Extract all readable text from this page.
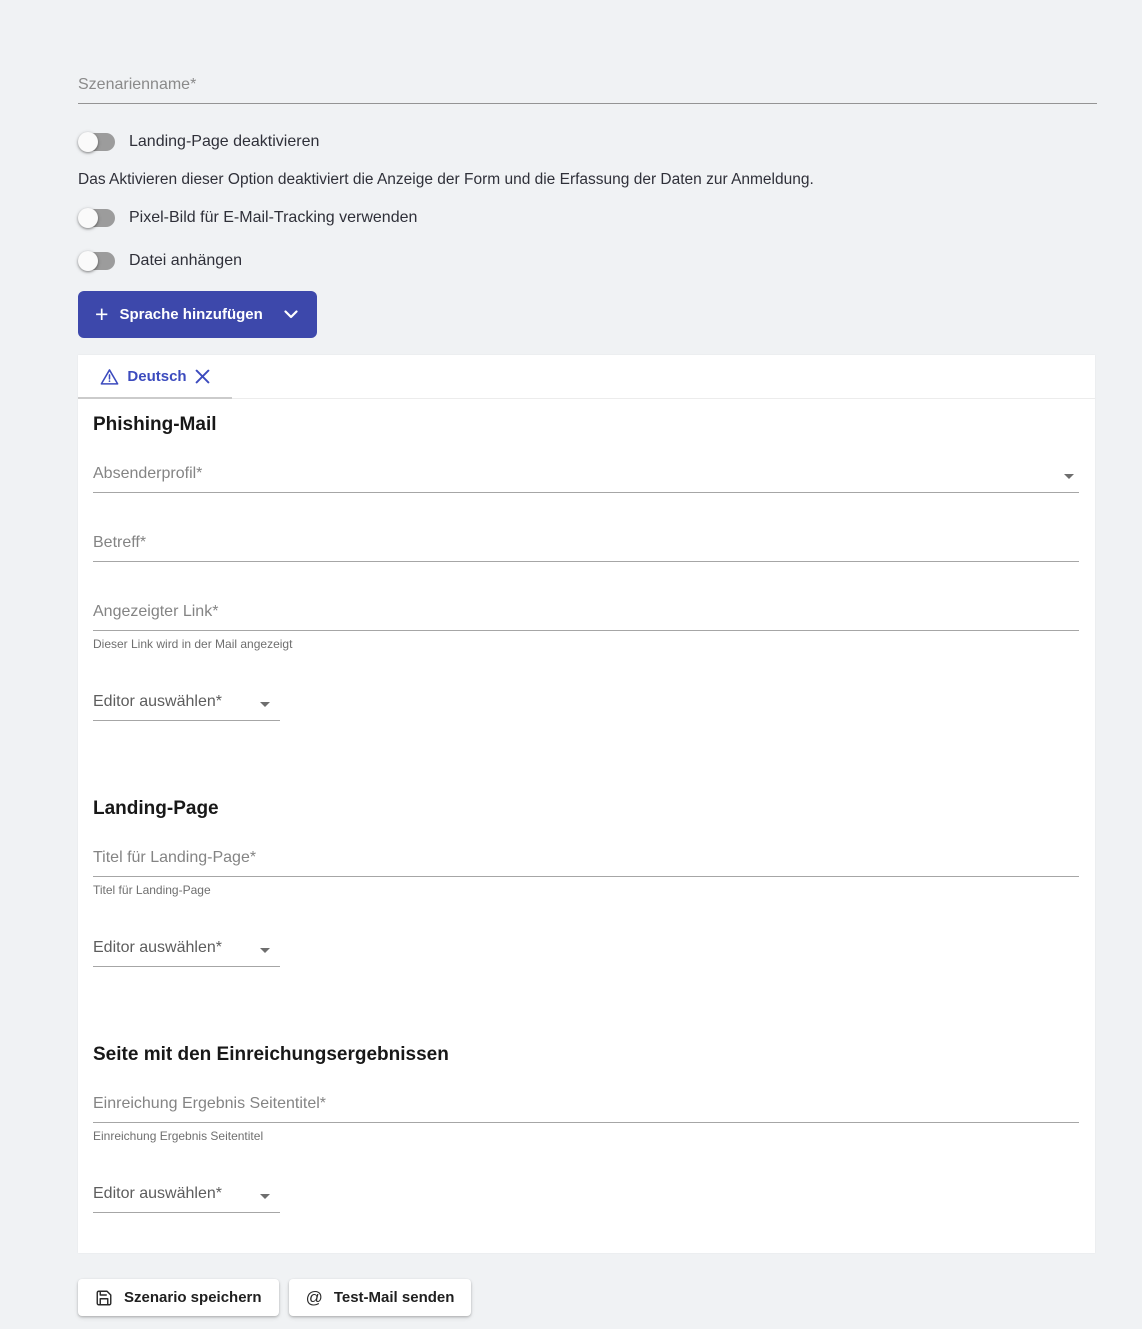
Szenarienname*
Landing-Page deaktivieren
Das Aktivieren dieser Option deaktiviert die Anzeige der Form und die Erfassung der Daten zur Anmeldung.
Pixel-Bild für E-Mail-Tracking verwenden
Datei anhängen
+ Sprache hinzufügen
Deutsch
Phishing-Mail
Absenderprofil*
Betreff*
Angezeigter Link*
Dieser Link wird in der Mail angezeigt
Editor auswählen*
Landing-Page
Titel für Landing-Page*
Titel für Landing-Page
Editor auswählen*
Seite mit den Einreichungsergebnissen
Einreichung Ergebnis Seitentitel*
Einreichung Ergebnis Seitentitel
Editor auswählen*
Szenario speichern	@ Test-Mail senden
